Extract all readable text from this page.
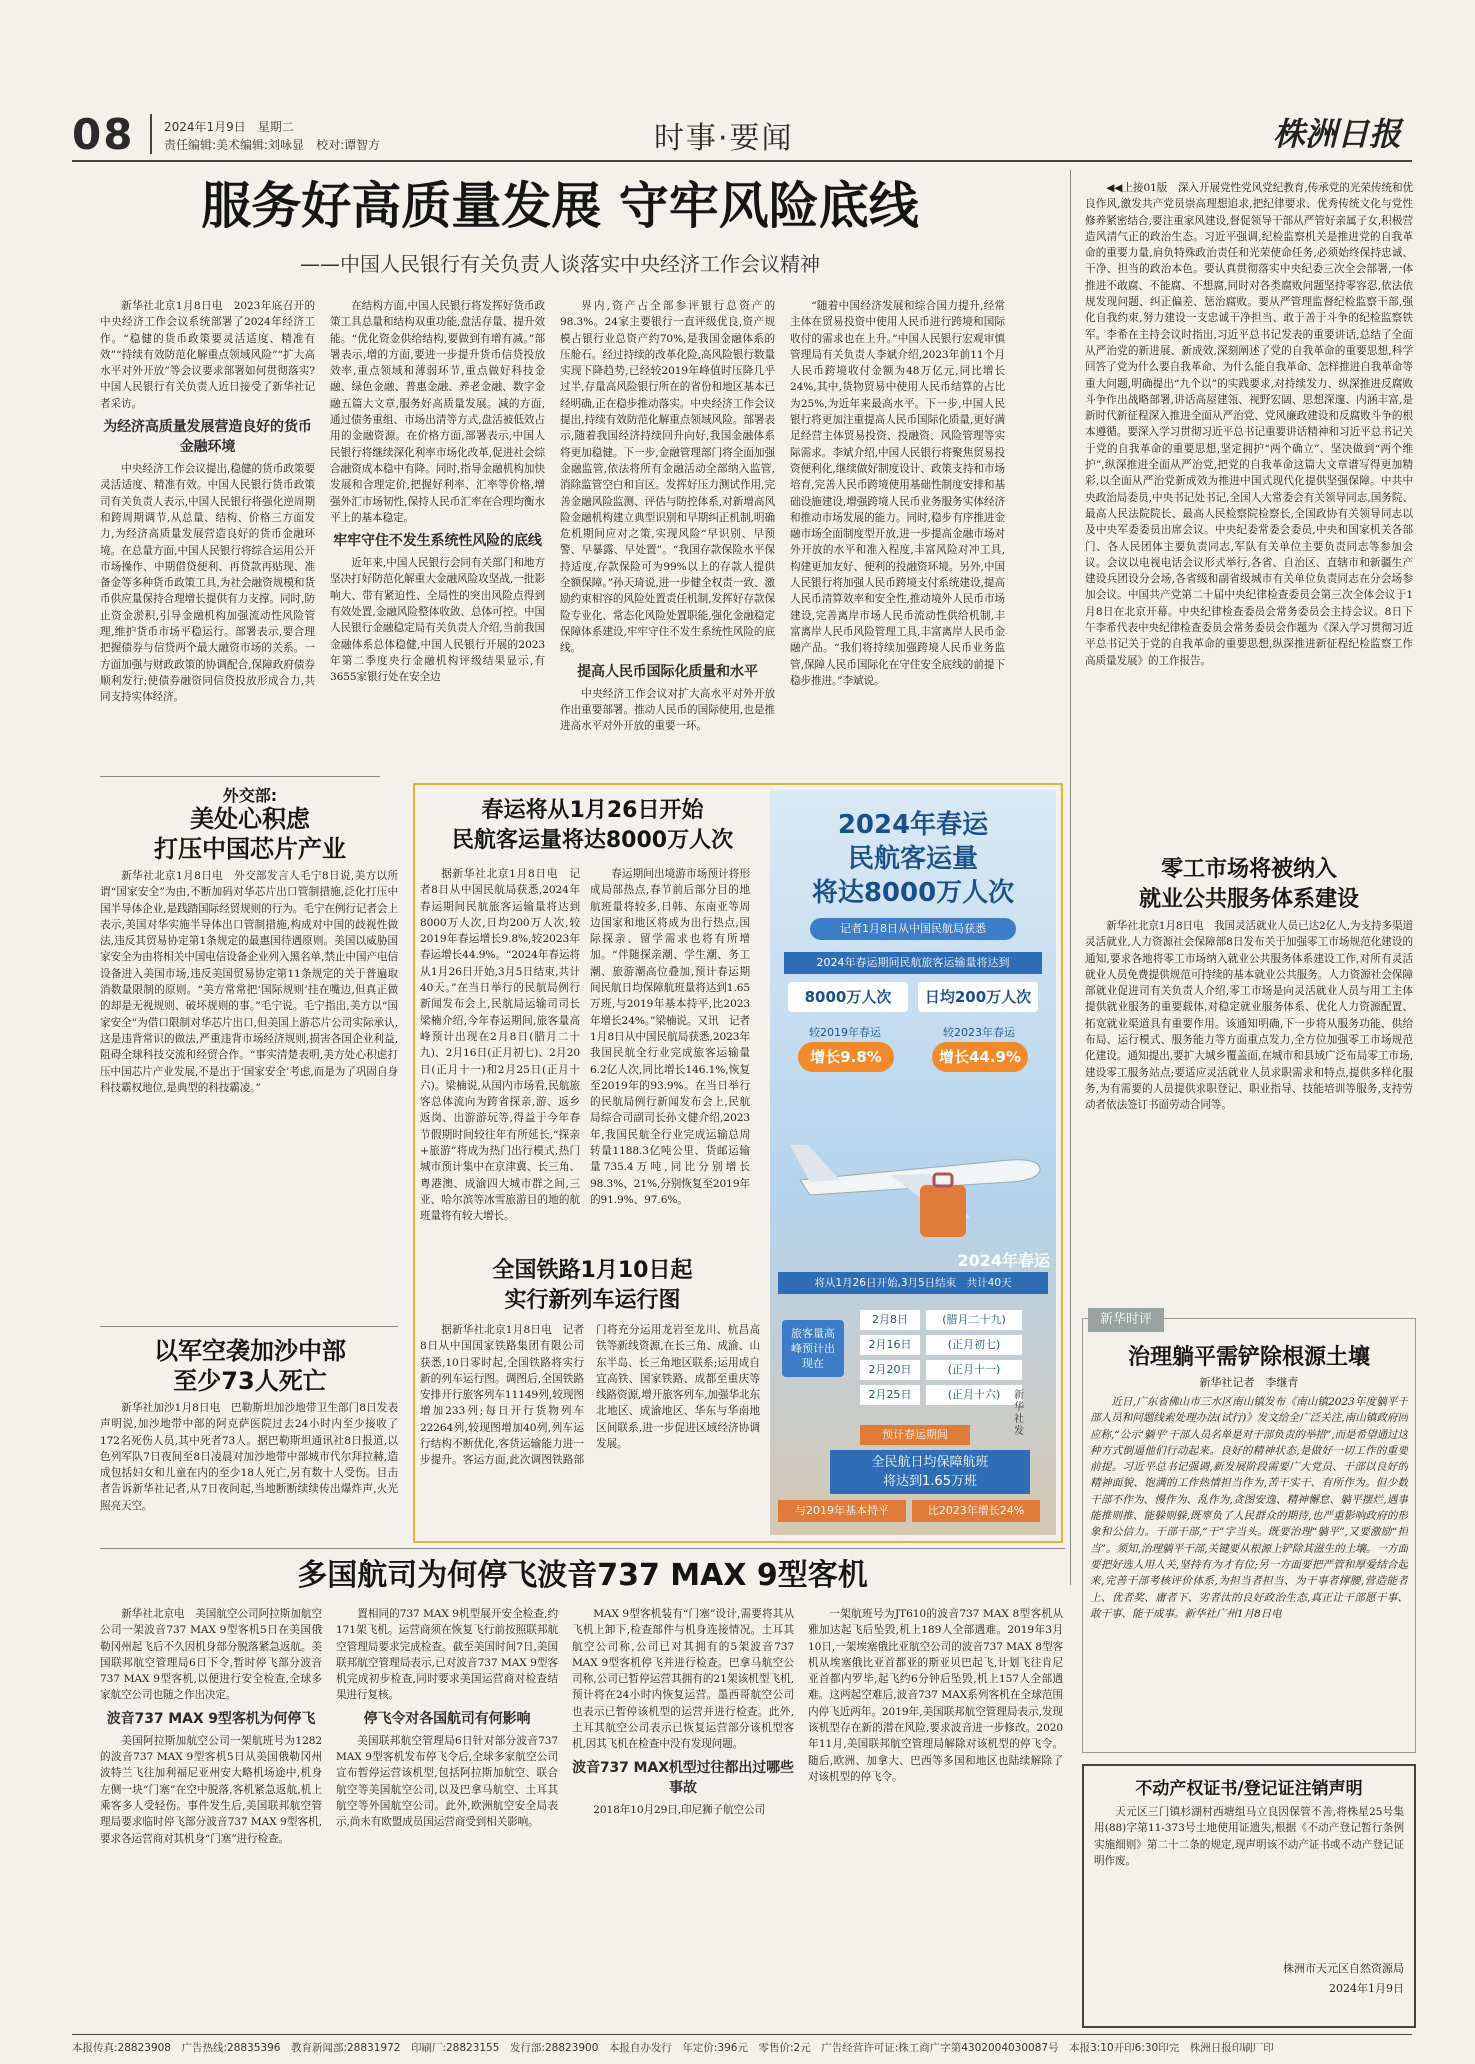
08 2024年1月9日　星期二
责任编辑:美术编辑:刘咏显　校对:谭智方	时事·要闻	株洲日报
服务好高质量发展 守牢风险底线
——中国人民银行有关负责人谈落实中央经济工作会议精神

新华社北京1月8日电　2023年底召开的中央经济工作会议系统部署了2024年经济工作。“稳健的货币政策要灵活适度、精准有效”“持续有效防范化解重点领域风险”“扩大高水平对外开放”等会议要求部署如何贯彻落实?中国人民银行有关负责人近日接受了新华社记者采访。

为经济高质量发展营造良好的货币金融环境

中央经济工作会议提出,稳健的货币政策要灵活适度、精准有效。中国人民银行货币政策司有关负责人表示,中国人民银行将强化逆周期和跨周期调节,从总量、结构、价格三方面发力,为经济高质量发展营造良好的货币金融环境。在总量方面,中国人民银行将综合运用公开市场操作、中期借贷便利、再贷款再贴现、准备金等多种货币政策工具,为社会融资规模和货币供应量保持合理增长提供有力支撑。同时,防止资金淤积,引导金融机构加强流动性风险管理,维护货币市场平稳运行。部署表示,要合理把握债券与信贷两个最大融资市场的关系。一方面加强与财政政策的协调配合,保障政府债券顺利发行;使债券融资同信贷投放形成合力,共同支持实体经济。

在结构方面,中国人民银行将发挥好货币政策工具总量和结构双重功能,盘活存量、提升效能。“优化资金供给结构,要做到有增有减。”部署表示,增的方面,要进一步提升货币信贷投放效率,重点领域和薄弱环节,重点做好科技金融、绿色金融、普惠金融、养老金融、数字金融五篇大文章,服务好高质量发展。减的方面,通过债务重组、市场出清等方式,盘活被低效占用的金融资源。在价格方面,部署表示,中国人民银行将继续深化利率市场化改革,促进社会综合融资成本稳中有降。同时,指导金融机构加快发展和合理定价,把握好利率、汇率等价格,增强外汇市场韧性,保持人民币汇率在合理均衡水平上的基本稳定。

牢牢守住不发生系统性风险的底线

近年来,中国人民银行会同有关部门和地方坚决打好防范化解重大金融风险攻坚战,一批影响大、带有紧迫性、全局性的突出风险点得到有效处置,金融风险整体收敛、总体可控。中国人民银行金融稳定局有关负责人介绍,当前我国金融体系总体稳健,中国人民银行开展的2023年第二季度央行金融机构评级结果显示,有3655家银行处在安全边

界内,资产占全部参评银行总资产的98.3%。24家主要银行一直评级优良,资产规模占银行业总资产约70%,是我国金融体系的压舱石。经过持续的改革化险,高风险银行数量实现下降趋势,已经较2019年峰值时压降几乎过半,存量高风险银行所在的省份和地区基本已经明确,正在稳步推动落实。中央经济工作会议提出,持续有效防范化解重点领域风险。部署表示,随着我国经济持续回升向好,我国金融体系将更加稳健。下一步,金融管理部门将全面加强金融监管,依法将所有金融活动全部纳入监管,消除监管空白和盲区。发挥好压力测试作用,完善金融风险监测、评估与防控体系,对新增高风险金融机构建立典型识别和早期纠正机制,明确危机期间应对之策,实现风险“早识别、早预警、早暴露、早处置”。“我国存款保险水平保持适度,存款保险可为99%以上的存款人提供全额保障。”孙天琦说,进一步健全权责一致、激励约束相容的风险处置责任机制,发挥好存款保险专业化、常态化风险处置职能,强化金融稳定保障体系建设,牢牢守住不发生系统性风险的底线。

提高人民币国际化质量和水平

中央经济工作会议对扩大高水平对外开放作出重要部署。推动人民币的国际使用,也是推进高水平对外开放的重要一环。

“随着中国经济发展和综合国力提升,经常主体在贸易投资中使用人民币进行跨境和国际收付的需求也在上升。”中国人民银行宏观审慎管理局有关负责人李斌介绍,2023年前11个月人民币跨境收付金额为48万亿元,同比增长24%,其中,货物贸易中使用人民币结算的占比为25%,为近年来最高水平。下一步,中国人民银行将更加注重提高人民币国际化质量,更好满足经营主体贸易投资、投融资、风险管理等实际需求。李斌介绍,中国人民银行将聚焦贸易投资便利化,继续做好制度设计、政策支持和市场培育,完善人民币跨境使用基础性制度安排和基础设施建设,增强跨境人民币业务服务实体经济和推动市场发展的能力。同时,稳步有序推进金融市场全面制度型开放,进一步提高金融市场对外开放的水平和准入程度,丰富风险对冲工具,构建更加友好、便利的投融资环境。另外,中国人民银行将加强人民币跨境支付系统建设,提高人民币清算效率和安全性,推动境外人民币市场建设,完善离岸市场人民币流动性供给机制,丰富离岸人民币风险管理工具,丰富离岸人民币金融产品。“我们将持续加强跨境人民币业务监管,保障人民币国际化在守住安全底线的前提下稳步推进。”李斌说。

◀◀上接01版　深入开展党性党风党纪教育,传承党的光荣传统和优良作风,激发共产党员崇高理想追求,把纪律要求、优秀传统文化与党性修养紧密结合,要注重家风建设,督促领导干部从严管好亲属子女,积极营造风清气正的政治生态。习近平强调,纪检监察机关是推进党的自我革命的重要力量,肩负特殊政治责任和光荣使命任务,必须始终保持忠诚、干净、担当的政治本色。要认真贯彻落实中央纪委三次全会部署,一体推进不敢腐、不能腐、不想腐,同时对各类腐败问题坚持零容忍,依法依规发现问题、纠正偏差、惩治腐败。要从严管理监督纪检监察干部,强化自我约束,努力建设一支忠诚干净担当、敢于善于斗争的纪检监察铁军。李希在主持会议时指出,习近平总书记发表的重要讲话,总结了全面从严治党的新进展、新成效,深刻阐述了党的自我革命的重要思想,科学回答了党为什么要自我革命、为什么能自我革命、怎样推进自我革命等重大问题,明确提出“九个以”的实践要求,对持续发力、纵深推进反腐败斗争作出战略部署,讲话高屋建瓴、视野宏阔、思想深邃、内涵丰富,是新时代新征程深入推进全面从严治党、党风廉政建设和反腐败斗争的根本遵循。要深入学习贯彻习近平总书记重要讲话精神和习近平总书记关于党的自我革命的重要思想,坚定拥护“两个确立”、坚决做到“两个维护”,纵深推进全面从严治党,把党的自我革命这篇大文章谱写得更加精彩,以全面从严治党新成效为推进中国式现代化提供坚强保障。中共中央政治局委员,中央书记处书记,全国人大常委会有关领导同志,国务院、最高人民法院院长、最高人民检察院检察长,全国政协有关领导同志以及中央军委委员出席会议。中央纪委常委会委员,中央和国家机关各部门、各人民团体主要负责同志,军队有关单位主要负责同志等参加会议。会议以电视电话会议形式举行,各省、自治区、直辖市和新疆生产建设兵团设分会场,各省级和副省级城市有关单位负责同志在分会场参加会议。中国共产党第二十届中央纪律检查委员会第三次全体会议于1月8日在北京开幕。中央纪律检查委员会常务委员会主持会议。8日下午李希代表中央纪律检查委员会常务委员会作题为《深入学习贯彻习近平总书记关于党的自我革命的重要思想,纵深推进新征程纪检监察工作高质量发展》的工作报告。

外交部:
美处心积虑
打压中国芯片产业

新华社北京1月8日电　外交部发言人毛宁8日说,美方以所谓“国家安全”为由,不断加码对华芯片出口管制措施,泛化打压中国半导体企业,是践踏国际经贸规则的行为。毛宁在例行记者会上表示,美国对华实施半导体出口管制措施,构成对中国的歧视性做法,违反其贸易协定第1条规定的最惠国待遇原则。美国以威胁国家安全为由将相关中国电信设备企业列入黑名单,禁止中国产电信设备进入美国市场,违反美国贸易协定第11条规定的关于普遍取消数量限制的原则。“美方常常把‘国际规则’挂在嘴边,但真正做的却是无视规则、破坏规则的事。”毛宁说。毛宁指出,美方以“国家安全”为借口限制对华芯片出口,但美国上游芯片公司实际承认,这是违背常识的做法,严重违背市场经济规则,损害各国企业利益,阻碍全球科技交流和经贸合作。“事实清楚表明,美方处心积虑打压中国芯片产业发展,不是出于‘国家安全’考虑,而是为了巩固自身科技霸权地位,是典型的科技霸凌。”

以军空袭加沙中部
至少73人死亡

新华社加沙1月8日电　巴勒斯坦加沙地带卫生部门8日发表声明说,加沙地带中部的阿克萨医院过去24小时内至少接收了172名死伤人员,其中死者73人。据巴勒斯坦通讯社8日报道,以色列军队7日夜间至8日凌晨对加沙地带中部城市代尔拜拉赫,造成包括妇女和儿童在内的至少18人死亡,另有数十人受伤。目击者告诉新华社记者,从7日夜间起,当地断断续续传出爆炸声,火光照亮天空。

春运将从1月26日开始
民航客运量将达8000万人次

据新华社北京1月8日电　记者8日从中国民航局获悉,2024年春运期间民航旅客运输量将达到8000万人次,日均200万人次,较2019年春运增长9.8%,较2023年春运增长44.9%。“2024年春运将从1月26日开始,3月5日结束,共计40天。”在当日举行的民航局例行新闻发布会上,民航局运输司司长梁楠介绍,今年春运期间,旅客量高峰预计出现在2月8日(腊月二十九)、2月16日(正月初七)、2月20日(正月十一)和2月25日(正月十六)。梁楠说,从国内市场看,民航旅客总体流向为跨省探亲,游、返乡返岗、出游游玩等,得益于今年春节假期时间较往年有所延长,“探亲+旅游”将成为热门出行模式,热门城市预计集中在京津冀、长三角、粤港澳、成渝四大城市群之间,三亚、哈尔滨等冰雪旅游目的地的航班量将有较大增长。

春运期间出境游市场预计将形成局部热点,春节前后部分目的地航班量将较多,日韩、东南亚等周边国家和地区将成为出行热点,国际探亲、留学需求也将有所增加。“伴随探亲潮、学生潮、务工潮、旅游潮高位叠加,预计春运期间民航日均保障航班量将达到1.65万班,与2019年基本持平,比2023年增长24%。”梁楠说。又讯　记者1月8日从中国民航局获悉,2023年我国民航全行业完成旅客运输量6.2亿人次,同比增长146.1%,恢复至2019年的93.9%。在当日举行的民航局例行新闻发布会上,民航局综合司副司长孙文健介绍,2023年,我国民航全行业完成运输总周转量1188.3亿吨公里、货邮运输量735.4万吨,同比分别增长98.3%、21%,分别恢复至2019年的91.9%、97.6%。

2024年春运
民航客运量
将达8000万人次
记者1月8日从中国民航局获悉
2024年春运期间民航旅客运输量将达到
8000万人次	日均200万人次
较2019年春运	较2023年春运
增长9.8%	增长44.9%
2024年春运
将从1月26日开始,3月5日结束　共计40天
旅客量高峰预计出现在
2月8日	(腊月二十九)
2月16日	(正月初七)
2月20日	(正月十一)
2月25日	(正月十六)
预计春运期间
全民航日均保障航班
将达到1.65万班
与2019年基本持平	比2023年增长24%
新华社发
全国铁路1月10日起
实行新列车运行图

据新华社北京1月8日电　记者8日从中国国家铁路集团有限公司获悉,10日零时起,全国铁路将实行新的列车运行图。调图后,全国铁路安排开行旅客列车11149列,较现图增加233列;每日开行货物列车22264列,较现图增加40列,列车运行结构不断优化,客货运输能力进一步提升。客运方面,此次调图铁路部门将充分运用龙岩至龙川、杭昌高铁等新线资源,在长三角、成渝、山东半岛、长三角地区联系;运用成自宜高铁、国家铁路、成都至重庆等线路资源,增开旅客列车,加强华北东北地区、成渝地区、华东与华南地区间联系,进一步促进区域经济协调发展。

零工市场将被纳入
就业公共服务体系建设

新华社北京1月8日电　我国灵活就业人员已达2亿人,为支持多渠道灵活就业,人力资源社会保障部8日发布关于加强零工市场规范化建设的通知,要求各地将零工市场纳入就业公共服务体系建设工作,对所有灵活就业人员免费提供规范可持续的基本就业公共服务。人力资源社会保障部就业促进司有关负责人介绍,零工市场是向灵活就业人员与用工主体提供就业服务的重要载体,对稳定就业服务体系、优化人力资源配置、拓宽就业渠道具有重要作用。该通知明确,下一步将从服务功能、供给布局、运行模式、服务能力等方面重点发力,全方位加强零工市场规范化建设。通知提出,要扩大城乡覆盖面,在城市和县域广泛布局零工市场,建设零工服务站点;要适应灵活就业人员求职需求和特点,提供多样化服务,为有需要的人员提供求职登记、职业指导、技能培训等服务,支持劳动者依法签订书面劳动合同等。

新华时评
治理躺平需铲除根源土壤
新华社记者　李继青

近日,广东省佛山市三水区南山镇发布《南山镇2023年度躺平干部人员和问题线索处理办法(试行)》发文给全广泛关注,南山镇政府回应称,“公示‘躺平’干部人员名单是对干部负责的举措”,而是希望通过这种方式倒逼他们行动起来。良好的精神状态,是做好一切工作的重要前提。习近平总书记强调,新发展阶段需要广大党员、干部以良好的精神面貌、饱满的工作热情担当作为,苦干实干、有所作为。但少数干部不作为、慢作为、乱作为,贪图安逸、精神懈怠、躺平摆烂,遇事能推则推、能躲则躲,既辜负了人民群众的期待,也严重影响政府的形象和公信力。干部干部,“干”字当头。既要治理“躺平”,又要激励“担当”。须知,治理躺平干部,关键要从根源上铲除其滋生的土壤。一方面要把好选人用人关,坚持有为才有位;另一方面要把严管和厚爱结合起来,完善干部考核评价体系,为担当者担当、为干事者撑腰,营造能者上、优者奖、庸者下、劣者汰的良好政治生态,真正让干部愿干事、敢干事、能干成事。新华社广州1月8日电

多国航司为何停飞波音737 MAX 9型客机

新华社北京电　美国航空公司阿拉斯加航空公司一架波音737 MAX 9型客机5日在美国俄勒冈州起飞后不久因机身部分脱落紧急返航。美国联邦航空管理局6日下令,暂时停飞部分波音737 MAX 9型客机,以便进行安全检查,全球多家航空公司也随之作出决定。

波音737 MAX 9型客机为何停飞

美国阿拉斯加航空公司一架航班号为1282的波音737 MAX 9型客机5日从美国俄勒冈州波特兰飞往加利福尼亚州安大略机场途中,机身左侧一块“门塞”在空中脱落,客机紧急返航,机上乘客多人受轻伤。事件发生后,美国联邦航空管理局要求临时停飞部分波音737 MAX 9型客机,要求各运营商对其机身“门塞”进行检查。

置相同的737 MAX 9机型展开安全检查,约171架飞机。运营商须在恢复飞行前按照联邦航空管理局要求完成检查。截至美国时间7日,美国联邦航空管理局表示,已对波音737 MAX 9型客机完成初步检查,同时要求美国运营商对检查结果进行复核。

停飞令对各国航司有何影响

美国联邦航空管理局6日针对部分波音737 MAX 9型客机发布停飞令后,全球多家航空公司宣布暂停运营该机型,包括阿拉斯加航空、联合航空等美国航空公司,以及巴拿马航空、土耳其航空等外国航空公司。此外,欧洲航空安全局表示,尚未有欧盟成员国运营商受到相关影响。

MAX 9型客机装有“门塞”设计,需要将其从飞机上卸下,检查部件与机身连接情况。土耳其航空公司称,公司已对其拥有的5架波音737 MAX 9型客机停飞并进行检查。巴拿马航空公司称,公司已暂停运营其拥有的21架该机型飞机,预计将在24小时内恢复运营。墨西哥航空公司也表示已暂停该机型的运营并进行检查。此外,土耳其航空公司表示已恢复运营部分该机型客机,因其飞机在检查中没有发现问题。

波音737 MAX机型过往都出过哪些事故

2018年10月29日,印尼狮子航空公司

一架航班号为JT610的波音737 MAX 8型客机从雅加达起飞后坠毁,机上189人全部遇难。2019年3月10日,一架埃塞俄比亚航空公司的波音737 MAX 8型客机从埃塞俄比亚首都亚的斯亚贝巴起飞,计划飞往肯尼亚首都内罗毕,起飞约6分钟后坠毁,机上157人全部遇难。这两起空难后,波音737 MAX系列客机在全球范围内停飞近两年。2019年,美国联邦航空管理局表示,发现该机型存在新的潜在风险,要求波音进一步修改。2020年11月,美国联邦航空管理局解除对该机型的停飞令。随后,欧洲、加拿大、巴西等多国和地区也陆续解除了对该机型的停飞令。

不动产权证书/登记证注销声明

天元区三门镇杉湖村西塘组马立良因保管不善,将株星25号集用(88)字第11-373号土地使用证遗失,根据《不动产登记暂行条例实施细则》第二十二条的规定,现声明该不动产证书或不动产登记证明作废。

株洲市天元区自然资源局
2024年1月9日
本报传真:28823908　广告热线:28835396　教育新闻部:28831972　印刷厂:28823155　发行部:28823900　本报自办发行　年定价:396元　零售价:2元　广告经营许可证:株工商广字第4302004030087号　本报3:10开印6:30印完　株洲日报印刷厂印
